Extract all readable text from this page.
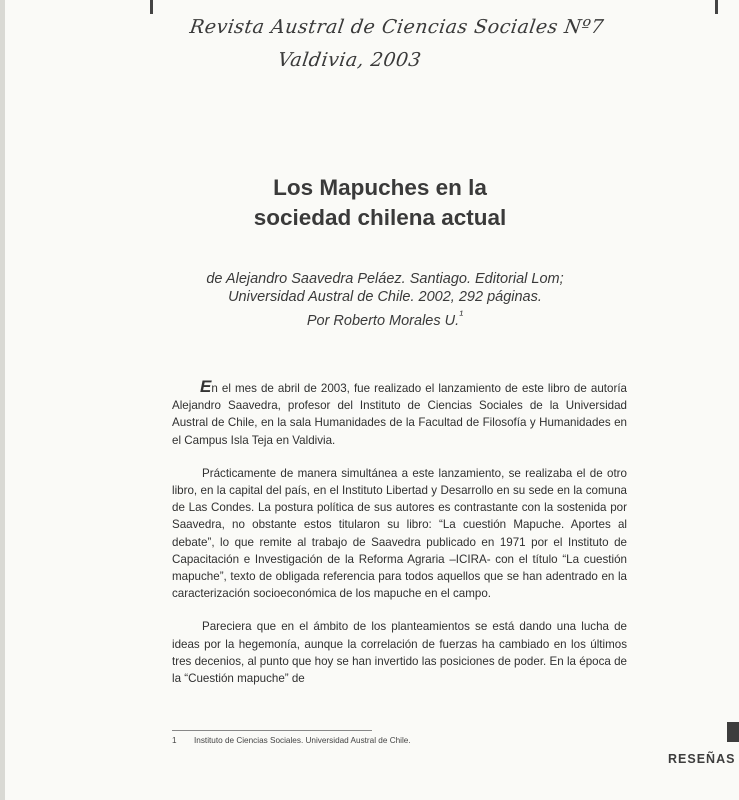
Revista Austral de Ciencias Sociales Nº7
Valdivia, 2003
Los Mapuches en la
sociedad chilena actual
de Alejandro Saavedra Peláez. Santiago. Editorial Lom;
Universidad Austral de Chile. 2002, 292 páginas.
Por Roberto Morales U.$^{^1}$

En el mes de abril de 2003, fue realizado el lanzamiento de este libro de autoría Alejandro Saavedra, profesor del Instituto de Ciencias Sociales de la Universidad Austral de Chile, en la sala Humanidades de la Facultad de Filosofía y Humanidades en el Campus Isla Teja en Valdivia.

Prácticamente de manera simultánea a este lanzamiento, se realizaba el de otro libro, en la capital del país, en el Instituto Libertad y Desarrollo en su sede en la comuna de Las Condes. La postura política de sus autores es contrastante con la sostenida por Saavedra, no obstante estos titularon su libro: “La cuestión Mapuche. Aportes al debate”, lo que remite al trabajo de Saavedra publicado en 1971 por el Instituto de Capacitación e Investigación de la Reforma Agraria –ICIRA- con el título “La cuestión mapuche”, texto de obligada referencia para todos aquellos que se han adentrado en la caracterización socioeconómica de los mapuche en el campo.

Pareciera que en el ámbito de los planteamientos se está dando una lucha de ideas por la hegemonía, aunque la correlación de fuerzas ha cambiado en los últimos tres decenios, al punto que hoy se han invertido las posiciones de poder. En la época de la “Cuestión mapuche” de

1 Instituto de Ciencias Sociales. Universidad Austral de Chile.
RESEÑAS
